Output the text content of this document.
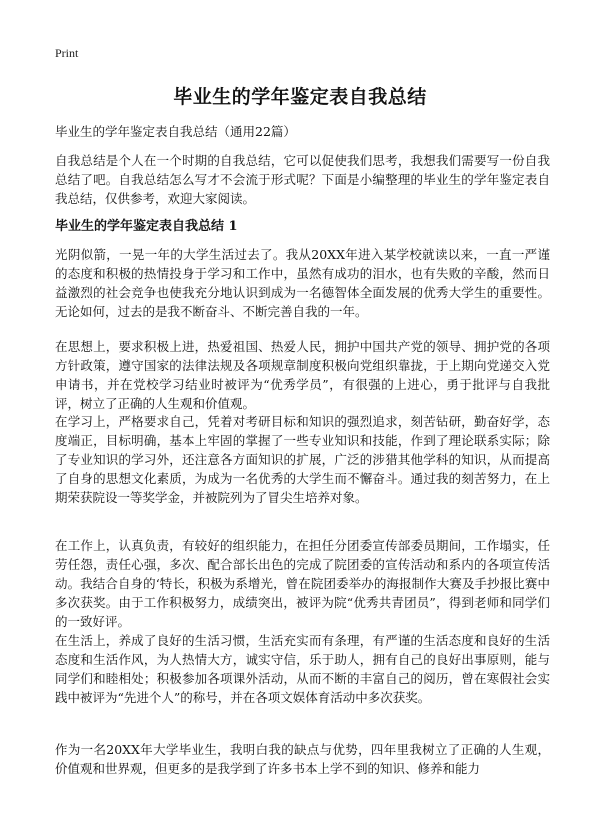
Print
毕业生的学年鉴定表自我总结
毕业生的学年鉴定表自我总结（通用22篇）
自我总结是个人在一个时期的自我总结，它可以促使我们思考，我想我们需要写一份自我总结了吧。自我总结怎么写才不会流于形式呢？下面是小编整理的毕业生的学年鉴定表自我总结，仅供参考，欢迎大家阅读。
毕业生的学年鉴定表自我总结 1
光阴似箭，一晃一年的大学生活过去了。我从20XX年进入某学校就读以来，一直一严谨的态度和积极的热情投身于学习和工作中，虽然有成功的泪水，也有失败的辛酸，然而日益激烈的社会竞争也使我充分地认识到成为一名德智体全面发展的优秀大学生的重要性。无论如何，过去的是我不断奋斗、不断完善自我的一年。
在思想上，要求积极上进，热爱祖国、热爱人民，拥护中国共产党的领导、拥护党的各项方针政策，遵守国家的法律法规及各项规章制度积极向党组织靠拢，于上期向党递交入党申请书，并在党校学习结业时被评为“优秀学员”，有很强的上进心，勇于批评与自我批评，树立了正确的人生观和价值观。
在学习上，严格要求自己，凭着对考研目标和知识的强烈追求，刻苦钻研，勤奋好学，态度端正，目标明确，基本上牢固的掌握了一些专业知识和技能，作到了理论联系实际；除了专业知识的学习外，还注意各方面知识的扩展，广泛的涉猎其他学科的知识，从而提高了自身的思想文化素质，为成为一名优秀的大学生而不懈奋斗。通过我的刻苦努力，在上期荣获院设一等奖学金，并被院列为了冒尖生培养对象。
在工作上，认真负责，有较好的组织能力，在担任分团委宣传部委员期间，工作塌实，任劳任怨，责任心强，多次、配合部长出色的完成了院团委的宣传活动和系内的各项宣传活动。我结合自身的‘特长，积极为系增光，曾在院团委举办的海报制作大赛及手抄报比赛中多次获奖。由于工作积极努力，成绩突出，被评为院“优秀共青团员”，得到老师和同学们的一致好评。
在生活上，养成了良好的生活习惯，生活充实而有条理，有严谨的生活态度和良好的生活态度和生活作风，为人热情大方，诚实守信，乐于助人，拥有自己的良好出事原则，能与同学们和睦相处；积极参加各项课外活动，从而不断的丰富自己的阅历，曾在寒假社会实践中被评为“先进个人”的称号，并在各项文娱体育活动中多次获奖。
作为一名20XX年大学毕业生，我明白我的缺点与优势，四年里我树立了正确的人生观，价值观和世界观，但更多的是我学到了许多书本上学不到的知识、修养和能力
